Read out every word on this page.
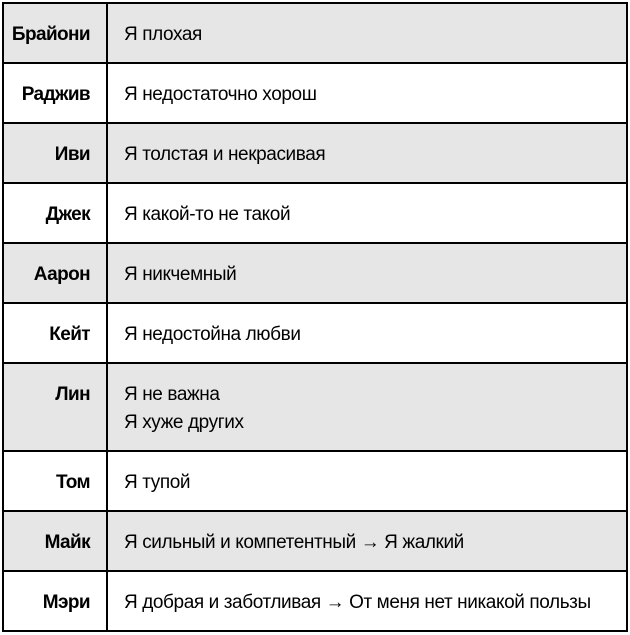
Брайони	Я плохая

Раджив	Я недостаточно хорош

Иви	Я толстая и некрасивая

Джек	Я какой-то не такой

Аарон	Я никчемный

Кейт	Я недостойна любви

Лин	Я не важна
Я хуже других

Том	Я тупой

Майк	Я сильный и компетентный → Я жалкий

Мэри	Я добрая и заботливая → От меня нет никакой пользы
